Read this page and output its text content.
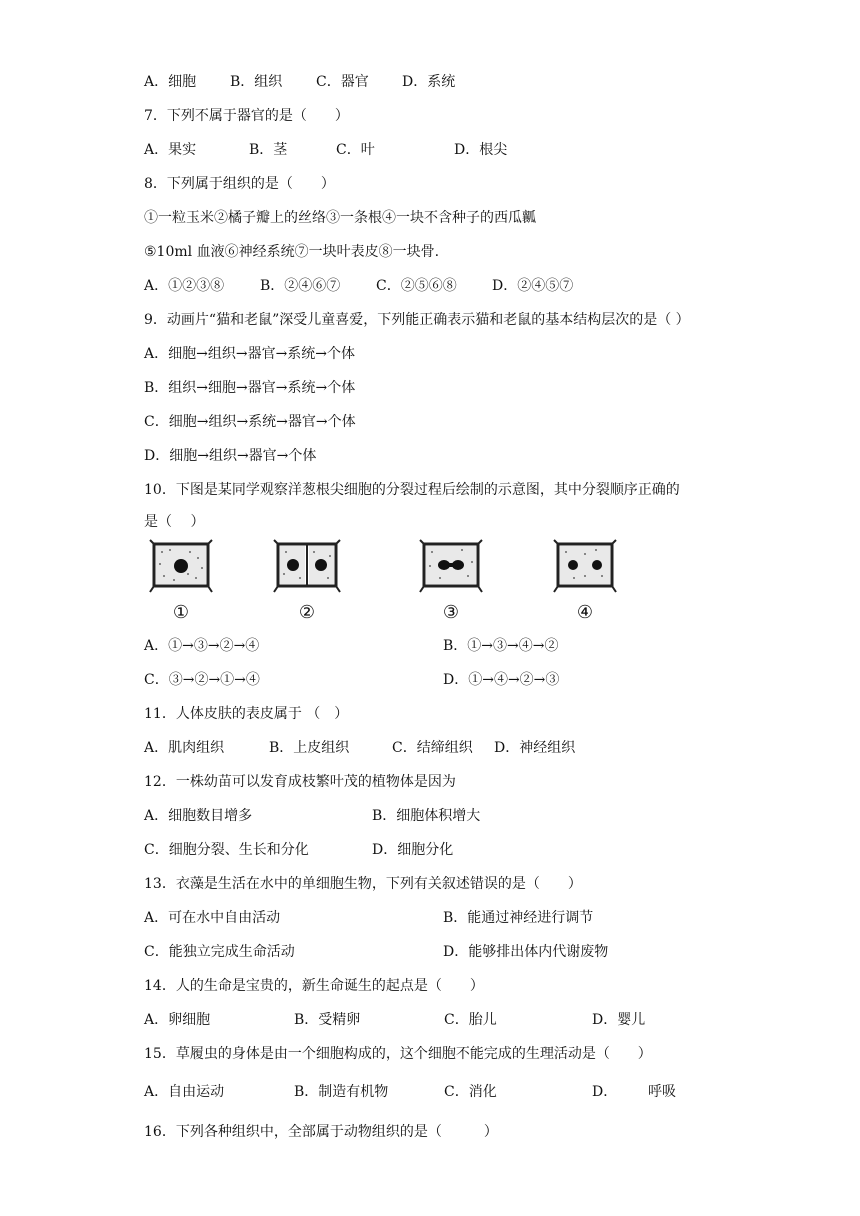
A．细胞 B．组织 C．器官 D．系统
7．下列不属于器官的是（　　）
A．果实	B．茎	C．叶	D．根尖
8．下列属于组织的是（　　）
①一粒玉米②橘子瓣上的丝络③一条根④一块不含种子的西瓜瓤
⑤10ml 血液⑥神经系统⑦一块叶表皮⑧一块骨.
A．①②③⑧	B．②④⑥⑦	C．②⑤⑥⑧	D．②④⑤⑦
9．动画片“猫和老鼠”深受儿童喜爱，下列能正确表示猫和老鼠的基本结构层次的是（ ）
A．细胞→组织→器官→系统→个体
B．组织→细胞→器官→系统→个体
C．细胞→组织→系统→器官→个体
D．细胞→组织→器官→个体
10．下图是某同学观察洋葱根尖细胞的分裂过程后绘制的示意图，其中分裂顺序正确的
是（　 ）
①	②	③	④
A．①→③→②→④	B．①→③→④→②
C．③→②→①→④	D．①→④→②→③
11．人体皮肤的表皮属于 （　）
A．肌肉组织	B．上皮组织	C．结缔组织 D．神经组织
12．一株幼苗可以发育成枝繁叶茂的植物体是因为
A．细胞数目增多	B．细胞体积增大
C．细胞分裂、生长和分化	D．细胞分化
13．衣藻是生活在水中的单细胞生物，下列有关叙述错误的是（　　）
A．可在水中自由活动	B．能通过神经进行调节
C．能独立完成生命活动	D．能够排出体内代谢废物
14．人的生命是宝贵的，新生命诞生的起点是（　　）
A．卵细胞	B．受精卵	C．胎儿	D．婴儿
15．草履虫的身体是由一个细胞构成的，这个细胞不能完成的生理活动是（　　）
A．自由运动	B．制造有机物	C．消化	D． 呼吸
16．下列各种组织中，全部属于动物组织的是（　　　）
